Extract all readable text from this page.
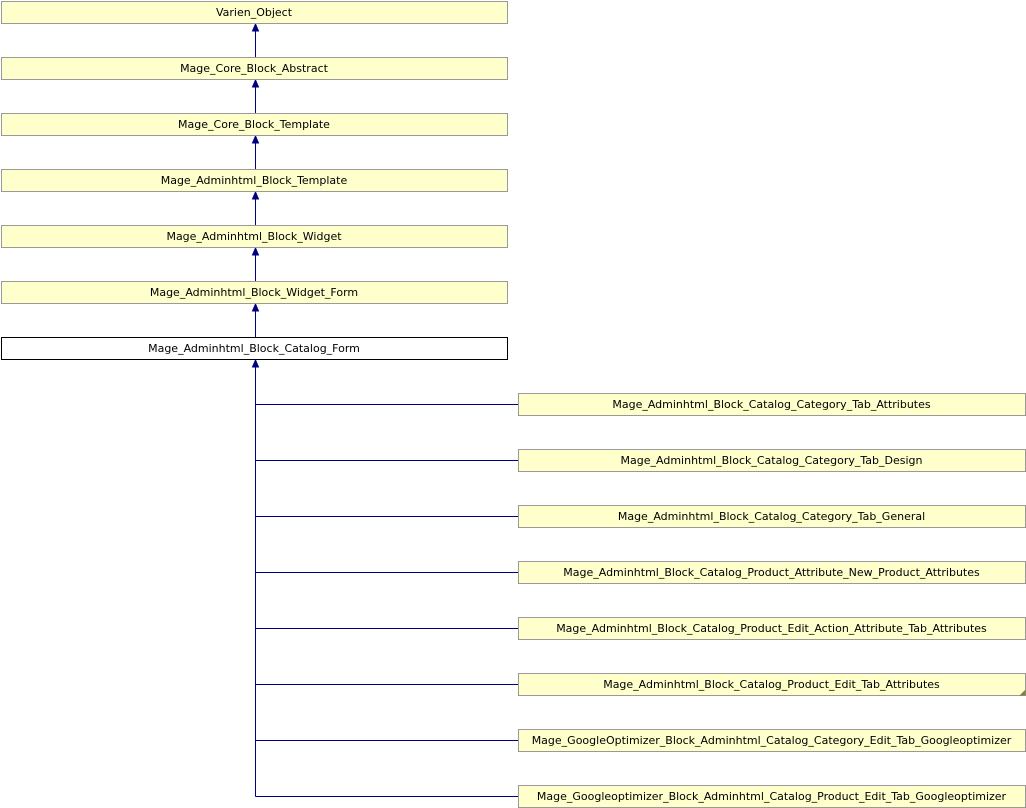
Varien_Object
Mage_Core_Block_Abstract
Mage_Core_Block_Template
Mage_Adminhtml_Block_Template
Mage_Adminhtml_Block_Widget
Mage_Adminhtml_Block_Widget_Form
Mage_Adminhtml_Block_Catalog_Form
Mage_Adminhtml_Block_Catalog_Category_Tab_Attributes
Mage_Adminhtml_Block_Catalog_Category_Tab_Design
Mage_Adminhtml_Block_Catalog_Category_Tab_General
Mage_Adminhtml_Block_Catalog_Product_Attribute_New_Product_Attributes
Mage_Adminhtml_Block_Catalog_Product_Edit_Action_Attribute_Tab_Attributes
Mage_Adminhtml_Block_Catalog_Product_Edit_Tab_Attributes
Mage_GoogleOptimizer_Block_Adminhtml_Catalog_Category_Edit_Tab_Googleoptimizer
Mage_Googleoptimizer_Block_Adminhtml_Catalog_Product_Edit_Tab_Googleoptimizer
